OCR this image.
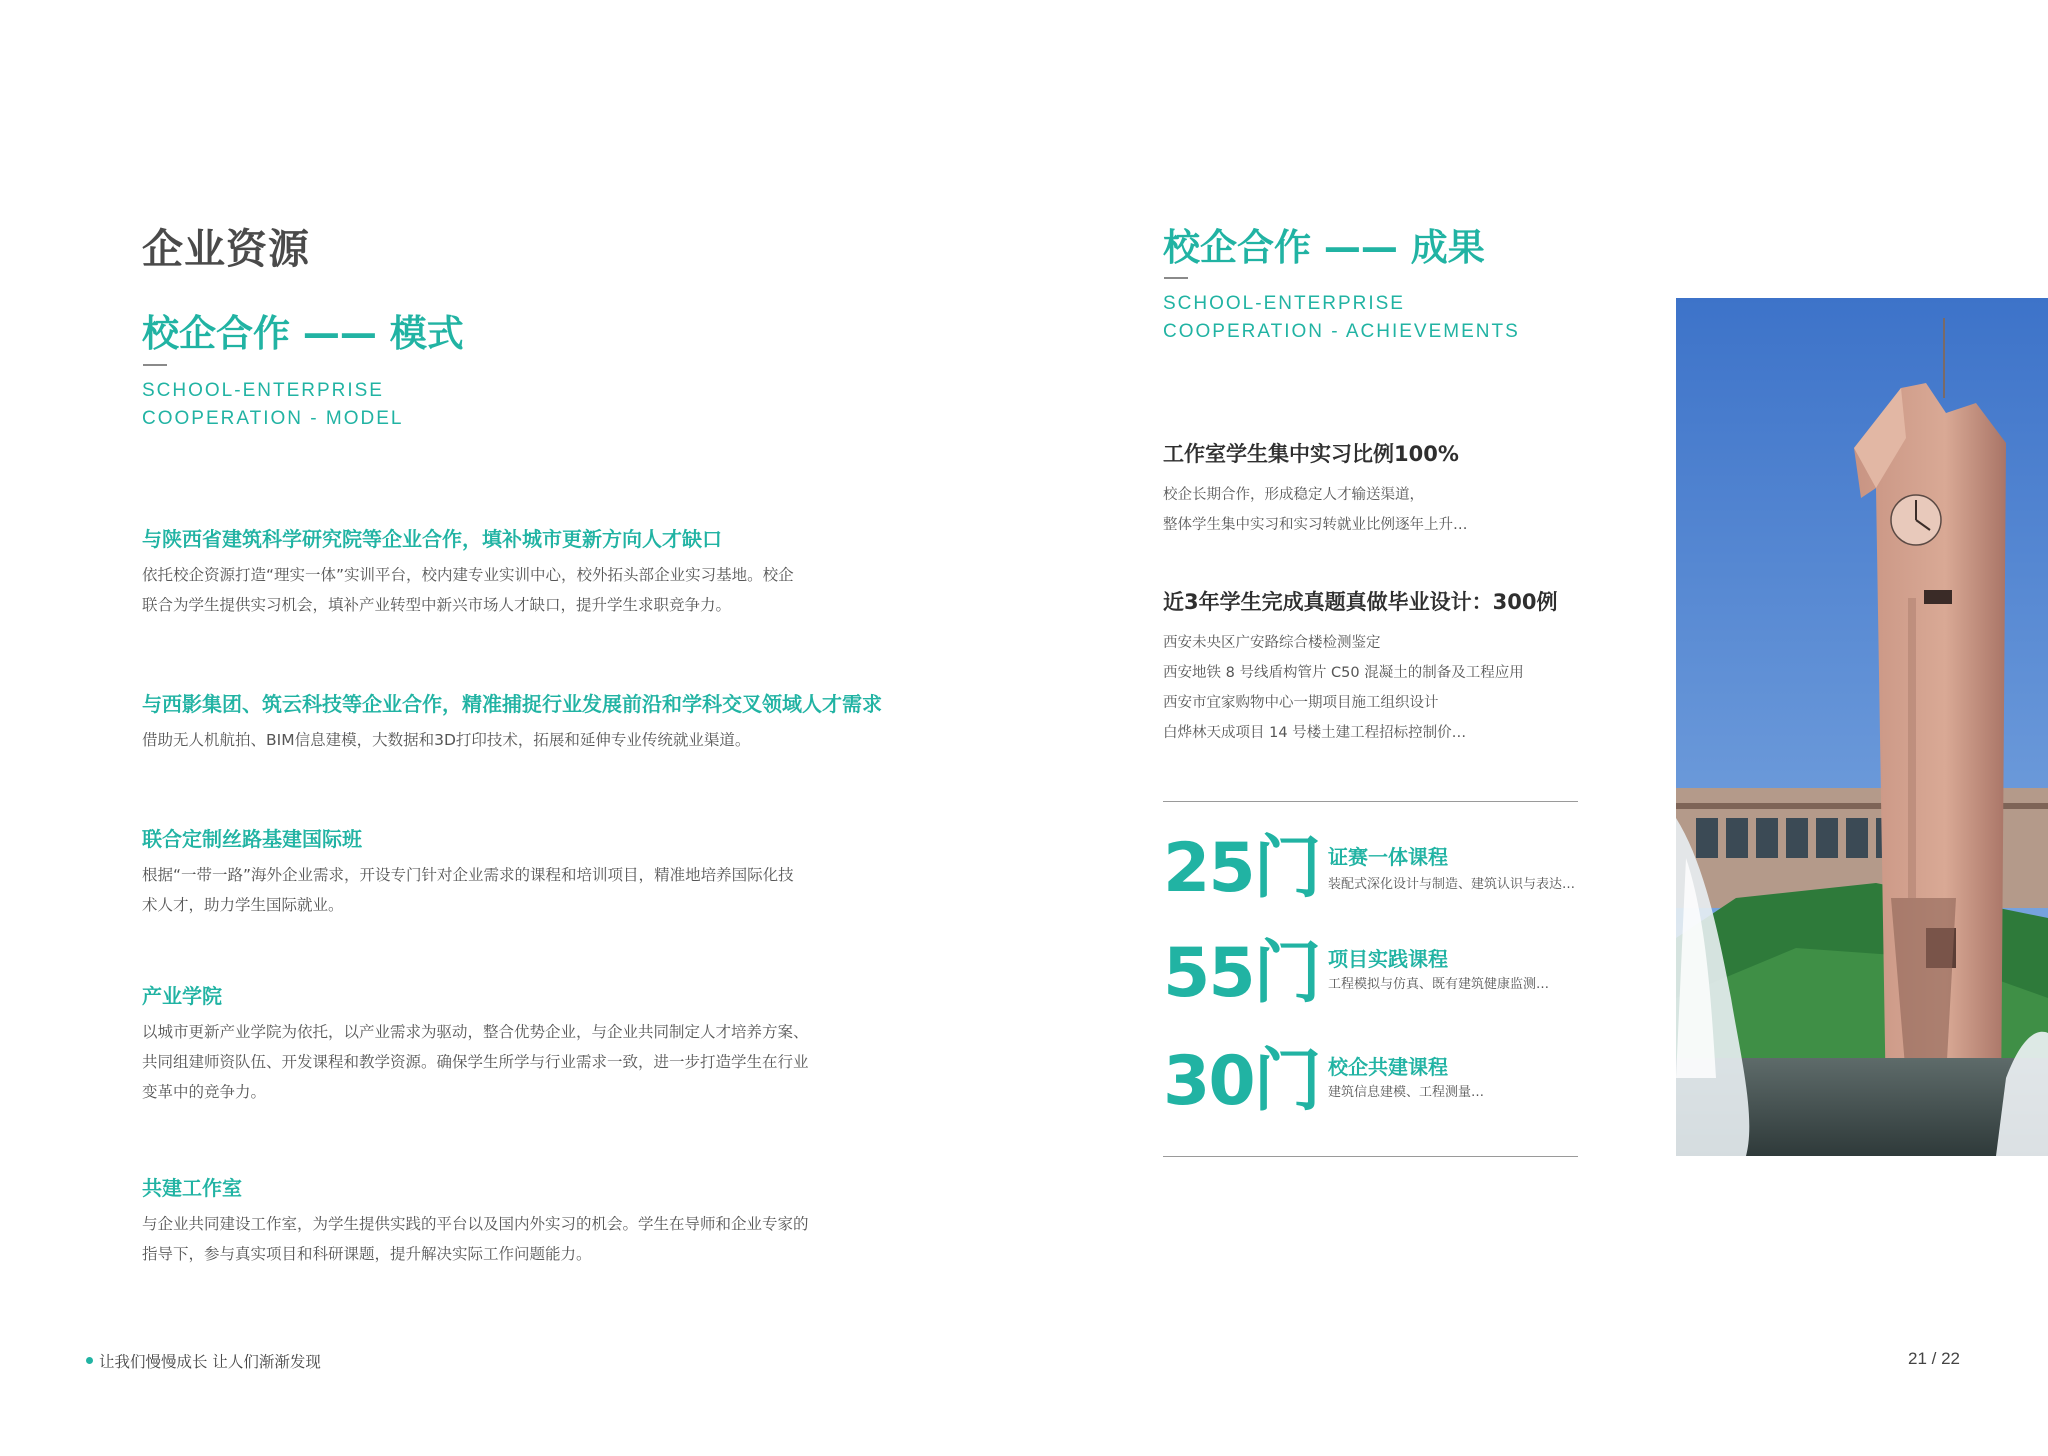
企业资源
校企合作 —— 模式
SCHOOL-ENTERPRISE
COOPERATION - MODEL
与陕西省建筑科学研究院等企业合作，填补城市更新方向人才缺口
依托校企资源打造“理实一体”实训平台，校内建专业实训中心，校外拓头部企业实习基地。校企
联合为学生提供实习机会，填补产业转型中新兴市场人才缺口，提升学生求职竞争力。
与西影集团、筑云科技等企业合作，精准捕捉行业发展前沿和学科交叉领域人才需求
借助无人机航拍、BIM信息建模，大数据和3D打印技术，拓展和延伸专业传统就业渠道。
联合定制丝路基建国际班
根据“一带一路”海外企业需求，开设专门针对企业需求的课程和培训项目，精准地培养国际化技
术人才，助力学生国际就业。
产业学院
以城市更新产业学院为依托，以产业需求为驱动，整合优势企业，与企业共同制定人才培养方案、
共同组建师资队伍、开发课程和教学资源。确保学生所学与行业需求一致，进一步打造学生在行业
变革中的竞争力。
共建工作室
与企业共同建设工作室，为学生提供实践的平台以及国内外实习的机会。学生在导师和企业专家的
指导下，参与真实项目和科研课题，提升解决实际工作问题能力。
校企合作 —— 成果
SCHOOL-ENTERPRISE
COOPERATION - ACHIEVEMENTS
工作室学生集中实习比例100%
校企长期合作，形成稳定人才输送渠道，
整体学生集中实习和实习转就业比例逐年上升…
近3年学生完成真题真做毕业设计：300例
西安未央区广安路综合楼检测鉴定
西安地铁 8 号线盾构管片 C50 混凝土的制备及工程应用
西安市宜家购物中心一期项目施工组织设计
白烨林天成项目 14 号楼土建工程招标控制价…
25门 证赛一体课程
装配式深化设计与制造、建筑认识与表达…
55门 项目实践课程
工程模拟与仿真、既有建筑健康监测…
30门 校企共建课程
建筑信息建模、工程测量…
让我们慢慢成长 让人们渐渐发现	21 / 22
